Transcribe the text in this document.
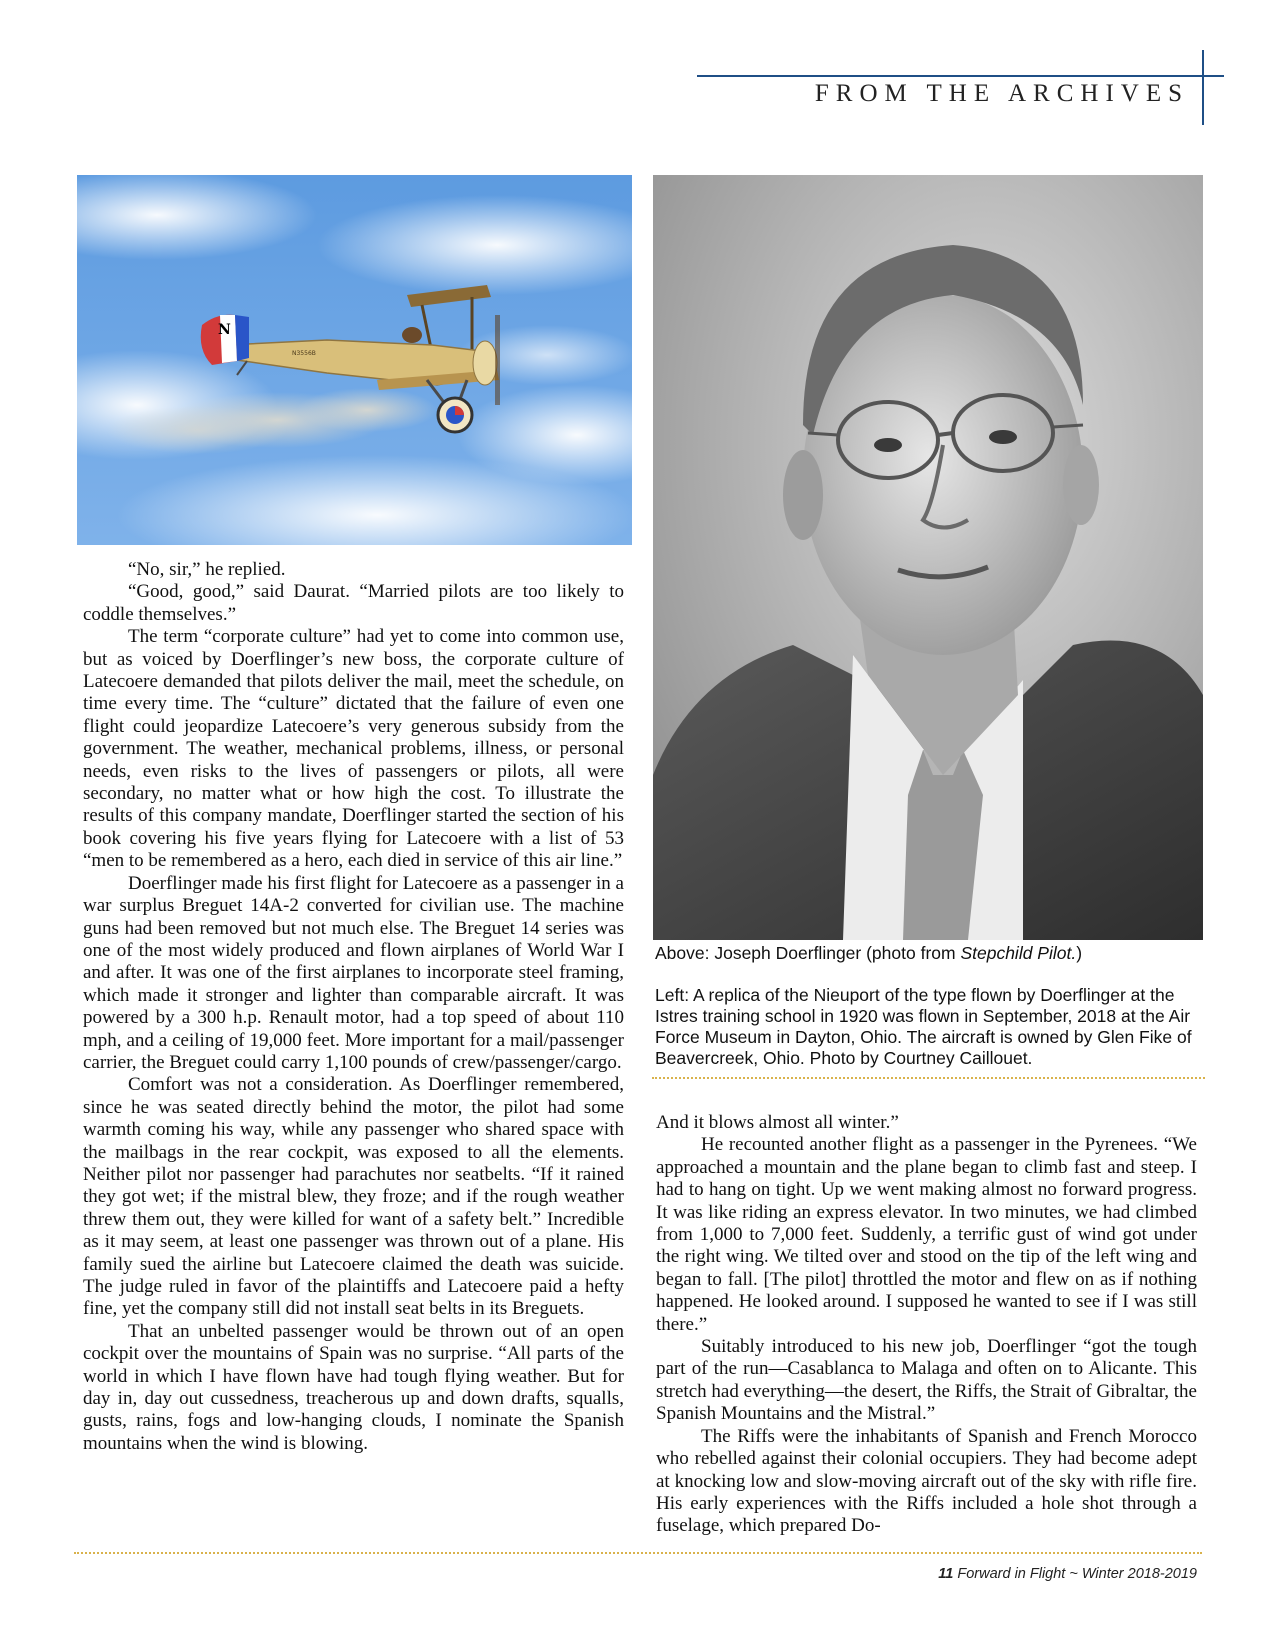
FROM THE ARCHIVES
N
N3556B

Above: Joseph Doerflinger (photo from Stepchild Pilot.)

Left: A replica of the Nieuport of the type flown by Doerflinger at the Istres training school in 1920 was flown in September, 2018 at the Air Force Museum in Dayton, Ohio. The aircraft is owned by Glen Fike of Beavercreek, Ohio. Photo by Courtney Caillouet.

“No, sir,” he replied.

“Good, good,” said Daurat. “Married pilots are too likely to coddle themselves.”

The term “corporate culture” had yet to come into common use, but as voiced by Doerflinger’s new boss, the corporate culture of Latecoere demanded that pilots deliver the mail, meet the schedule, on time every time. The “culture” dictated that the failure of even one flight could jeopardize Latecoere’s very generous subsidy from the government. The weather, mechanical problems, illness, or personal needs, even risks to the lives of passengers or pilots, all were secondary, no matter what or how high the cost. To illustrate the results of this company mandate, Doerflinger started the section of his book covering his five years flying for Latecoere with a list of 53 “men to be remembered as a hero, each died in service of this air line.”

Doerflinger made his first flight for Latecoere as a passenger in a war surplus Breguet 14A-2 converted for civilian use. The machine guns had been removed but not much else. The Breguet 14 series was one of the most widely produced and flown airplanes of World War I and after. It was one of the first airplanes to incorporate steel framing, which made it stronger and lighter than comparable aircraft. It was powered by a 300 h.p. Renault motor, had a top speed of about 110 mph, and a ceiling of 19,000 feet. More important for a mail/passenger carrier, the Breguet could carry 1,100 pounds of crew/passenger/cargo.

Comfort was not a consideration. As Doerflinger remembered, since he was seated directly behind the motor, the pilot had some warmth coming his way, while any passenger who shared space with the mailbags in the rear cockpit, was exposed to all the elements. Neither pilot nor passenger had parachutes nor seatbelts. “If it rained they got wet; if the mistral blew, they froze; and if the rough weather threw them out, they were killed for want of a safety belt.” Incredible as it may seem, at least one passenger was thrown out of a plane. His family sued the airline but Latecoere claimed the death was suicide. The judge ruled in favor of the plaintiffs and Latecoere paid a hefty fine, yet the company still did not install seat belts in its Breguets.

That an unbelted passenger would be thrown out of an open cockpit over the mountains of Spain was no surprise. “All parts of the world in which I have flown have had tough flying weather. But for day in, day out cussedness, treacherous up and down drafts, squalls, gusts, rains, fogs and low-hanging clouds, I nominate the Spanish mountains when the wind is blowing.

And it blows almost all winter.”

He recounted another flight as a passenger in the Pyrenees. “We approached a mountain and the plane began to climb fast and steep. I had to hang on tight. Up we went making almost no forward progress. It was like riding an express elevator. In two minutes, we had climbed from 1,000 to 7,000 feet. Suddenly, a terrific gust of wind got under the right wing. We tilted over and stood on the tip of the left wing and began to fall. [The pilot] throttled the motor and flew on as if nothing happened. He looked around. I supposed he wanted to see if I was still there.”

Suitably introduced to his new job, Doerflinger “got the tough part of the run—Casablanca to Malaga and often on to Alicante. This stretch had everything—the desert, the Riffs, the Strait of Gibraltar, the Spanish Mountains and the Mistral.”

The Riffs were the inhabitants of Spanish and French Morocco who rebelled against their colonial occupiers. They had become adept at knocking low and slow-moving aircraft out of the sky with rifle fire. His early experiences with the Riffs included a hole shot through a fuselage, which prepared Do-

11 Forward in Flight ~ Winter 2018-2019
